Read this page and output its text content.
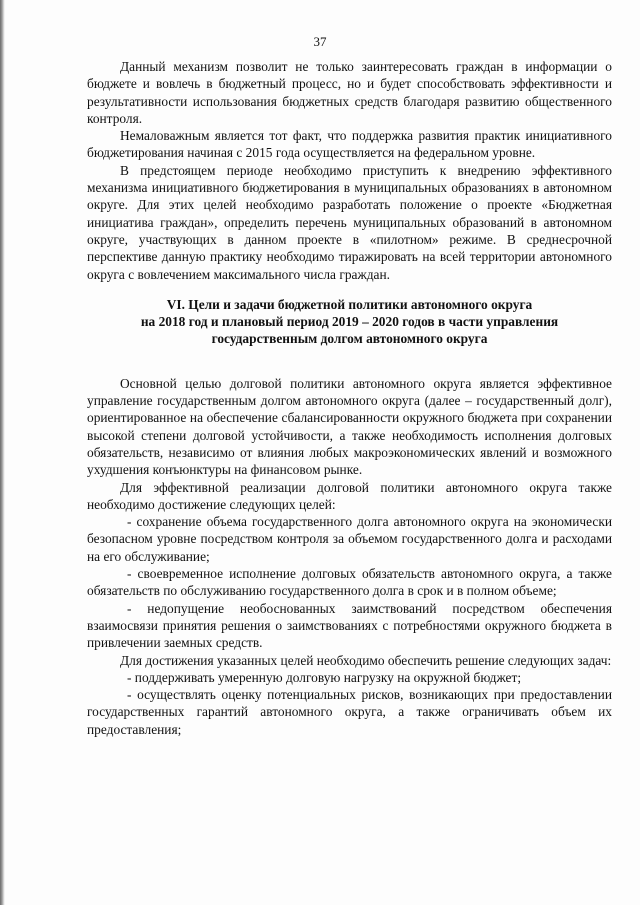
37

Данный механизм позволит не только заинтересовать граждан в информации о бюджете и вовлечь в бюджетный процесс, но и будет способствовать эффективности и результативности использования бюджетных средств благодаря развитию общественного контроля.

Немаловажным является тот факт, что поддержка развития практик инициативного бюджетирования начиная с 2015 года осуществляется на федеральном уровне.

В предстоящем периоде необходимо приступить к внедрению эффективного механизма инициативного бюджетирования в муниципальных образованиях в автономном округе. Для этих целей необходимо разработать положение о проекте «Бюджетная инициатива граждан», определить перечень муниципальных образований в автономном округе, участвующих в данном проекте в «пилотном» режиме. В среднесрочной перспективе данную практику необходимо тиражировать на всей территории автономного округа с вовлечением максимального числа граждан.

VI. Цели и задачи бюджетной политики автономного округа
на 2018 год и плановый период 2019 – 2020 годов в части управления
государственным долгом автономного округа

Основной целью долговой политики автономного округа является эффективное управление государственным долгом автономного округа (далее – государственный долг), ориентированное на обеспечение сбалансированности окружного бюджета при сохранении высокой степени долговой устойчивости, а также необходимость исполнения долговых обязательств, независимо от влияния любых макроэкономических явлений и возможного ухудшения конъюнктуры на финансовом рынке.

Для эффективной реализации долговой политики автономного округа также необходимо достижение следующих целей:

- сохранение объема государственного долга автономного округа на экономически безопасном уровне посредством контроля за объемом государственного долга и расходами на его обслуживание;

- своевременное исполнение долговых обязательств автономного округа, а также обязательств по обслуживанию государственного долга в срок и в полном объеме;

- недопущение необоснованных заимствований посредством обеспечения взаимосвязи принятия решения о заимствованиях с потребностями окружного бюджета в привлечении заемных средств.

Для достижения указанных целей необходимо обеспечить решение следующих задач:

- поддерживать умеренную долговую нагрузку на окружной бюджет;

- осуществлять оценку потенциальных рисков, возникающих при предоставлении государственных гарантий автономного округа, а также ограничивать объем их предоставления;
